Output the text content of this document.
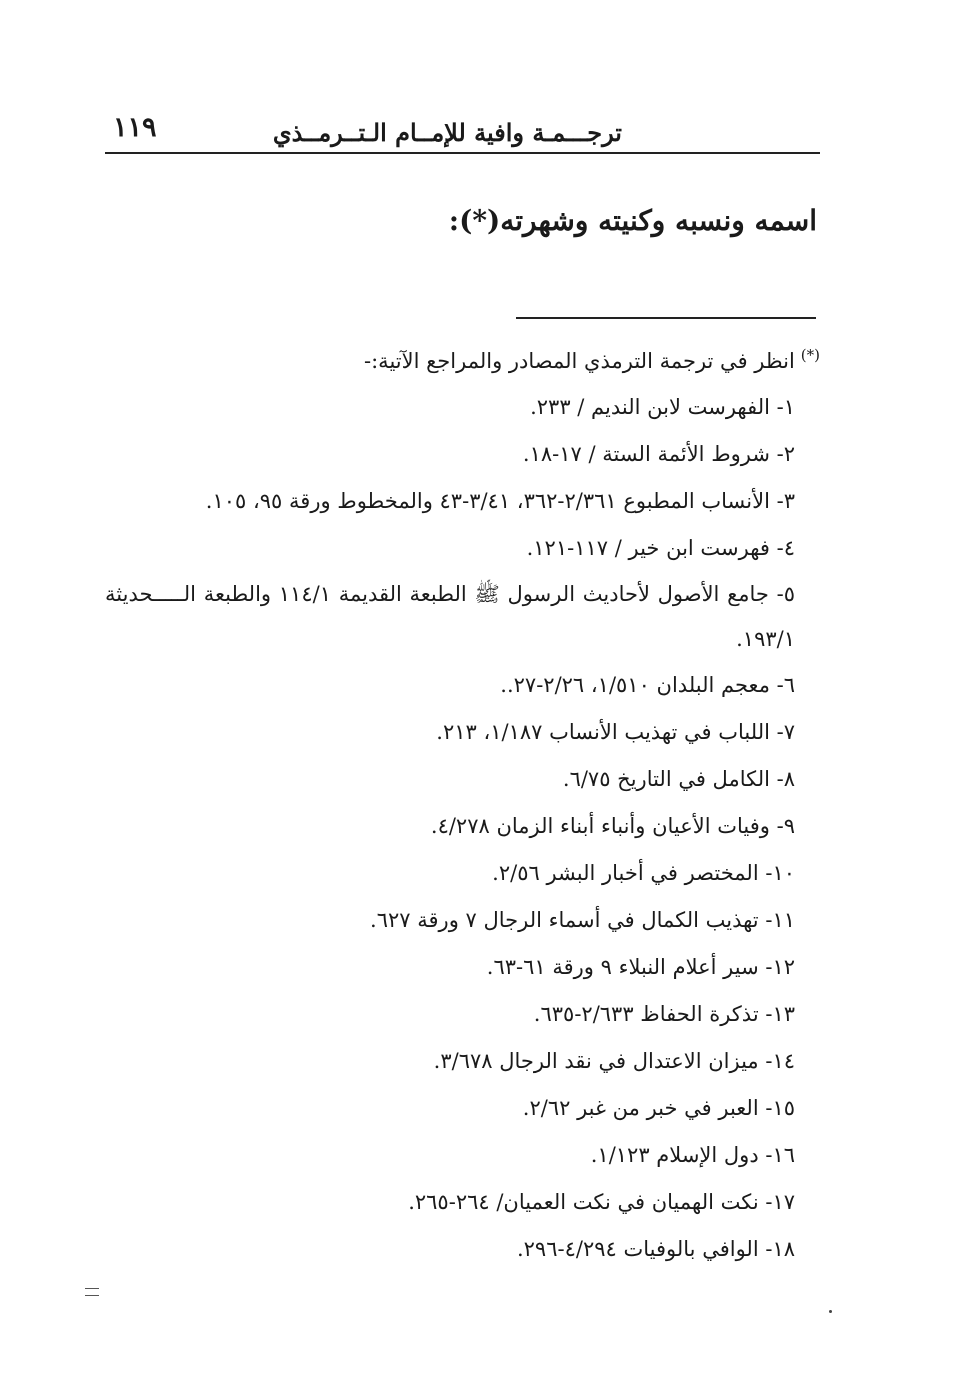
١١٩	ترجـــمـة وافية للإمــام الـتــرمــذي
اسمه ونسبه وكنيته وشهرته(*):
(*)انظر في ترجمة الترمذي المصادر والمراجع الآتية:-
١- الفهرست لابن النديم / ٢٣٣.
٢- شروط الأئمة الستة / ١٧-١٨.
٣- الأنساب المطبوع ٢/٣٦١-٣٦٢، ٣/٤١-٤٣ والمخطوط ورقة ٩٥، ١٠٥.
٤- فهرست ابن خير / ١١٧-١٢١.
٥- جامع الأصول لأحاديث الرسول ﷺ الطبعة القديمة ١١٤/١ والطبعة الـــــحديثة ١٩٣/١.
٦- معجم البلدان ١/٥١٠، ٢/٢٦-٢٧..
٧- اللباب في تهذيب الأنساب ١/١٨٧، ٢١٣.
٨- الكامل في التاريخ ٦/٧٥.
٩- وفيات الأعيان وأنباء أبناء الزمان ٤/٢٧٨.
١٠- المختصر في أخبار البشر ٢/٥٦.
١١- تهذيب الكمال في أسماء الرجال ٧ ورقة ٦٢٧.
١٢- سير أعلام النبلاء ٩ ورقة ٦١-٦٣.
١٣- تذكرة الحفاظ ٢/٦٣٣-٦٣٥.
١٤- ميزان الاعتدال في نقد الرجال ٣/٦٧٨.
١٥- العبر في خبر من غبر ٢/٦٢.
١٦- دول الإسلام ١/١٢٣.
١٧- نكت الهميان في نكت العميان/ ٢٦٤-٢٦٥.
١٨- الوافي بالوفيات ٤/٢٩٤-٢٩٦.
